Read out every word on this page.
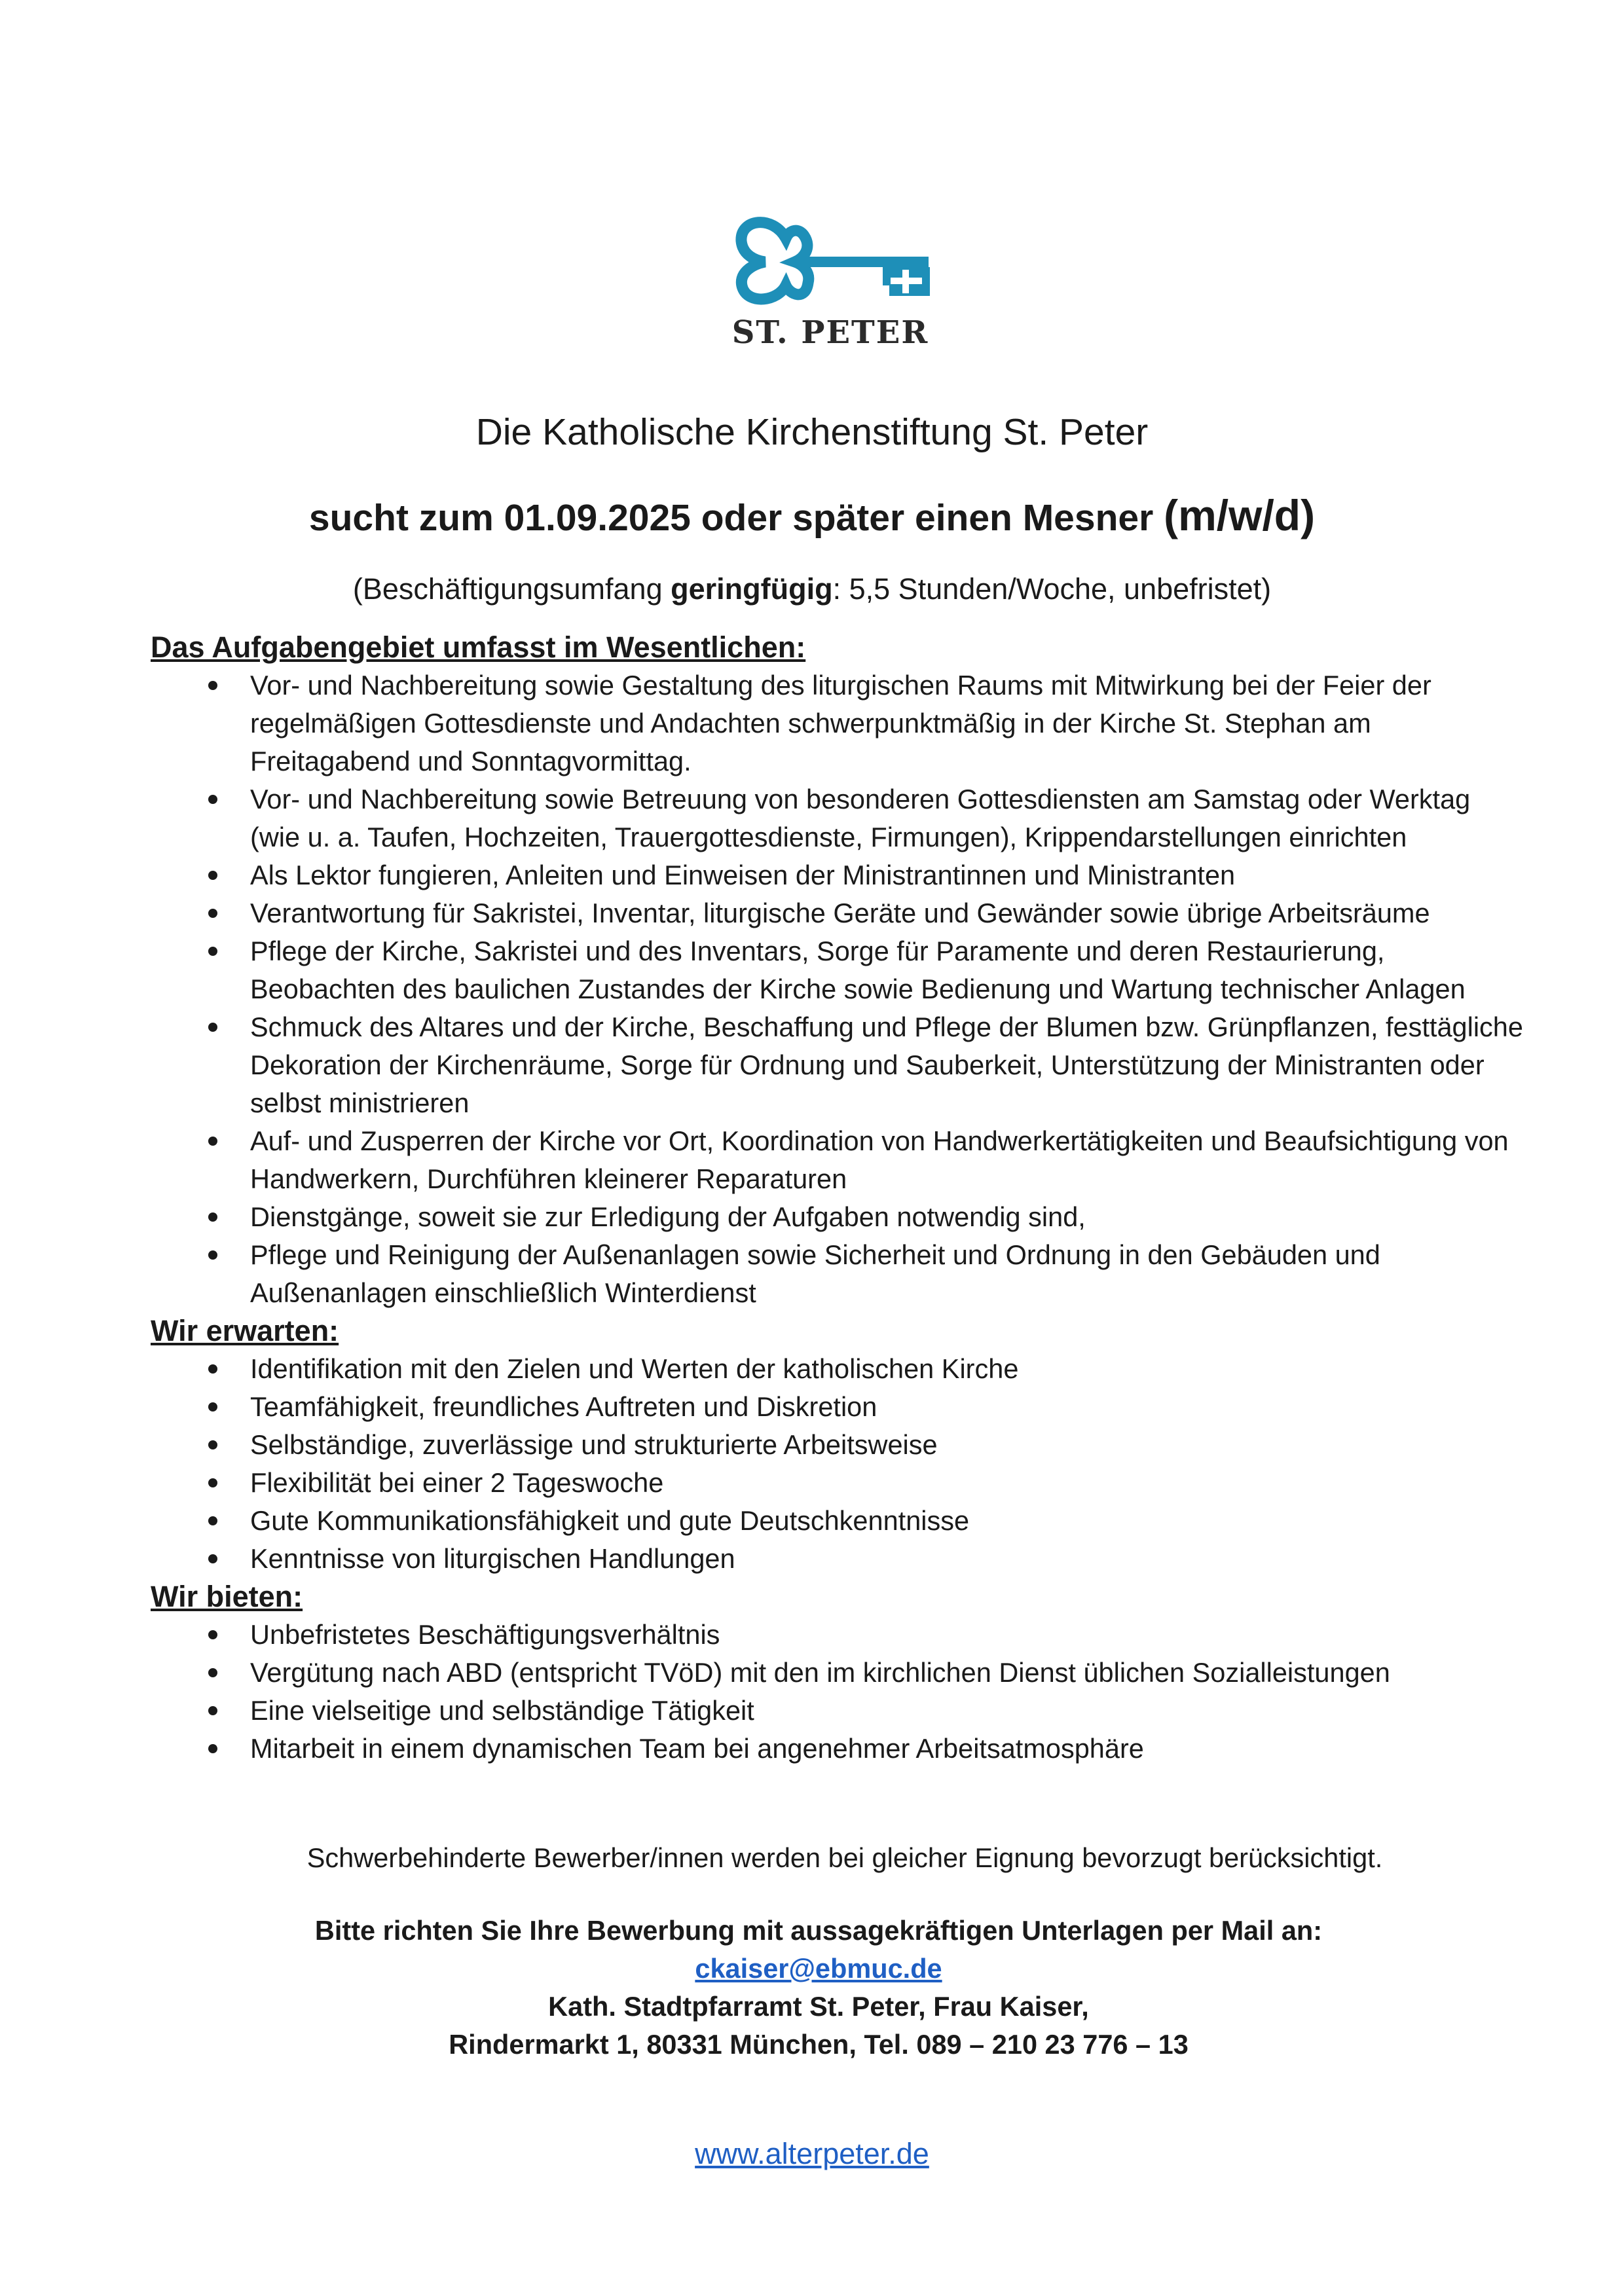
ST. PETER
Die Katholische Kirchenstiftung St. Peter
sucht zum 01.09.2025 oder später einen Mesner (m/w/d)
(Beschäftigungsumfang geringfügig: 5,5 Stunden/Woche, unbefristet)

Das Aufgabengebiet umfasst im Wesentlichen:

Vor- und Nachbereitung sowie Gestaltung des liturgischen Raums mit Mitwirkung bei der Feier der regelmäßigen Gottesdienste und Andachten schwerpunktmäßig in der Kirche St. Stephan am Freitagabend und Sonntagvormittag.
Vor- und Nachbereitung sowie Betreuung von besonderen Gottesdiensten am Samstag oder Werktag (wie u. a. Taufen, Hochzeiten, Trauergottesdienste, Firmungen), Krippendarstellungen einrichten
Als Lektor fungieren, Anleiten und Einweisen der Ministrantinnen und Ministranten
Verantwortung für Sakristei, Inventar, liturgische Geräte und Gewänder sowie übrige Arbeitsräume
Pflege der Kirche, Sakristei und des Inventars, Sorge für Paramente und deren Restaurierung, Beobachten des baulichen Zustandes der Kirche sowie Bedienung und Wartung technischer Anlagen
Schmuck des Altares und der Kirche, Beschaffung und Pflege der Blumen bzw. Grünpflanzen, festtägliche Dekoration der Kirchenräume, Sorge für Ordnung und Sauberkeit, Unterstützung der Ministranten oder selbst ministrieren
Auf- und Zusperren der Kirche vor Ort, Koordination von Handwerkertätigkeiten und Beaufsichtigung von Handwerkern, Durchführen kleinerer Reparaturen
Dienstgänge, soweit sie zur Erledigung der Aufgaben notwendig sind,
Pflege und Reinigung der Außenanlagen sowie Sicherheit und Ordnung in den Gebäuden und Außenanlagen einschließlich Winterdienst

Wir erwarten:

Identifikation mit den Zielen und Werten der katholischen Kirche
Teamfähigkeit, freundliches Auftreten und Diskretion
Selbständige, zuverlässige und strukturierte Arbeitsweise
Flexibilität bei einer 2 Tageswoche
Gute Kommunikationsfähigkeit und gute Deutschkenntnisse
Kenntnisse von liturgischen Handlungen

Wir bieten:

Unbefristetes Beschäftigungsverhältnis
Vergütung nach ABD (entspricht TVöD) mit den im kirchlichen Dienst üblichen Sozialleistungen
Eine vielseitige und selbständige Tätigkeit
Mitarbeit in einem dynamischen Team bei angenehmer Arbeitsatmosphäre
Schwerbehinderte Bewerber/innen werden bei gleicher Eignung bevorzugt berücksichtigt.
Bitte richten Sie Ihre Bewerbung mit aussagekräftigen Unterlagen per Mail an:
ckaiser@ebmuc.de
Kath. Stadtpfarramt St. Peter, Frau Kaiser,
Rindermarkt 1, 80331 München, Tel. 089 – 210 23 776 – 13
www.alterpeter.de
